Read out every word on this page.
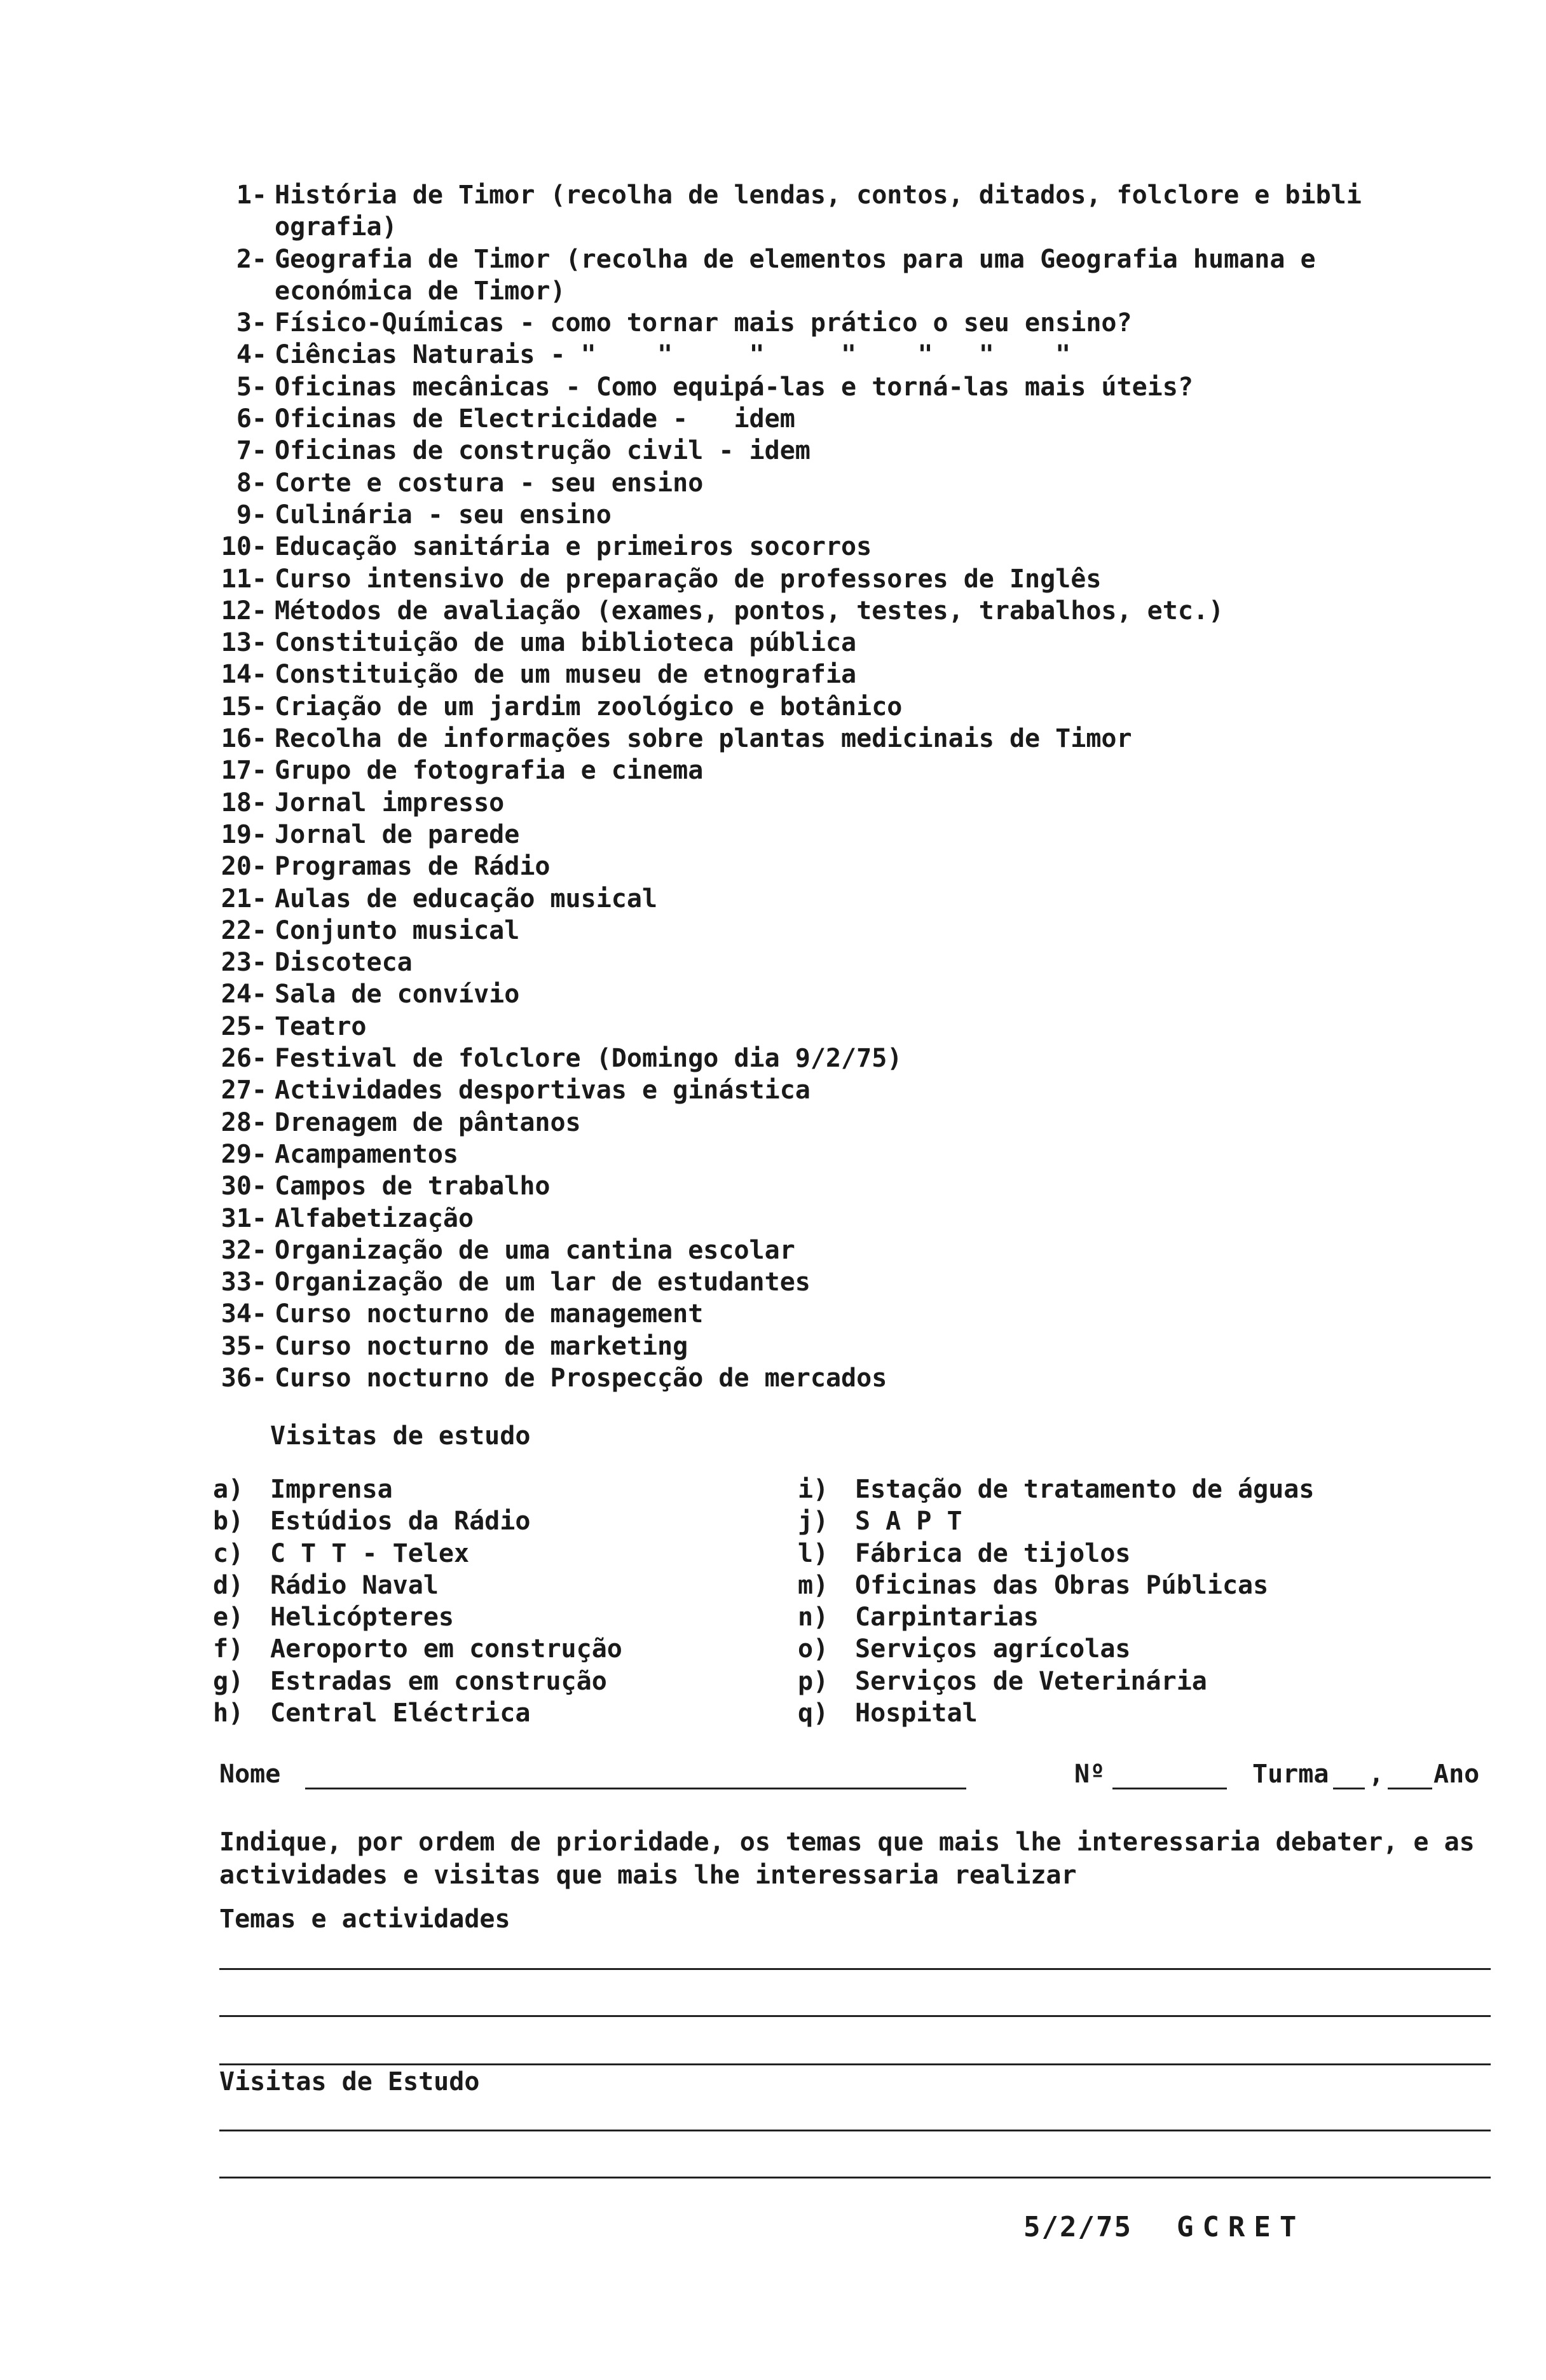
1- História de Timor (recolha de lendas, contos, ditados, folclore e bibli
ografia)
2- Geografia de Timor (recolha de elementos para uma Geografia humana e
económica de Timor)
3- Físico-Químicas - como tornar mais prático o seu ensino?
4- Ciências Naturais - "    "     "     "    "   "    "
5- Oficinas mecânicas - Como equipá-las e torná-las mais úteis?
6- Oficinas de Electricidade -   idem
7- Oficinas de construção civil - idem
8- Corte e costura - seu ensino
9- Culinária - seu ensino
10- Educação sanitária e primeiros socorros
11- Curso intensivo de preparação de professores de Inglês
12- Métodos de avaliação (exames, pontos, testes, trabalhos, etc.)
13- Constituição de uma biblioteca pública
14- Constituição de um museu de etnografia
15- Criação de um jardim zoológico e botânico
16- Recolha de informações sobre plantas medicinais de Timor
17- Grupo de fotografia e cinema
18- Jornal impresso
19- Jornal de parede
20- Programas de Rádio
21- Aulas de educação musical
22- Conjunto musical
23- Discoteca
24- Sala de convívio
25- Teatro
26- Festival de folclore (Domingo dia 9/2/75)
27- Actividades desportivas e ginástica
28- Drenagem de pântanos
29- Acampamentos
30- Campos de trabalho
31- Alfabetização
32- Organização de uma cantina escolar
33- Organização de um lar de estudantes
34- Curso nocturno de management
35- Curso nocturno de marketing
36- Curso nocturno de Prospecção de mercados
Visitas de estudo
a)	Imprensa
b)	Estúdios da Rádio
c)	C T T - Telex
d)	Rádio Naval
e)	Helicópteres
f)	Aeroporto em construção
g)	Estradas em construção
h)	Central Eléctrica
i)	Estação de tratamento de águas
j)	S A P T
l)	Fábrica de tijolos
m)	Oficinas das Obras Públicas
n)	Carpintarias
o)	Serviços agrícolas
p)	Serviços de Veterinária
q)	Hospital
Nome	Nº	Turma , Ano
Indique, por ordem de prioridade, os temas que mais lhe interessaria debater, e as actividades e visitas que mais lhe interessaria realizar
Temas e actividades
Visitas de Estudo
5/2/75 GCRET
